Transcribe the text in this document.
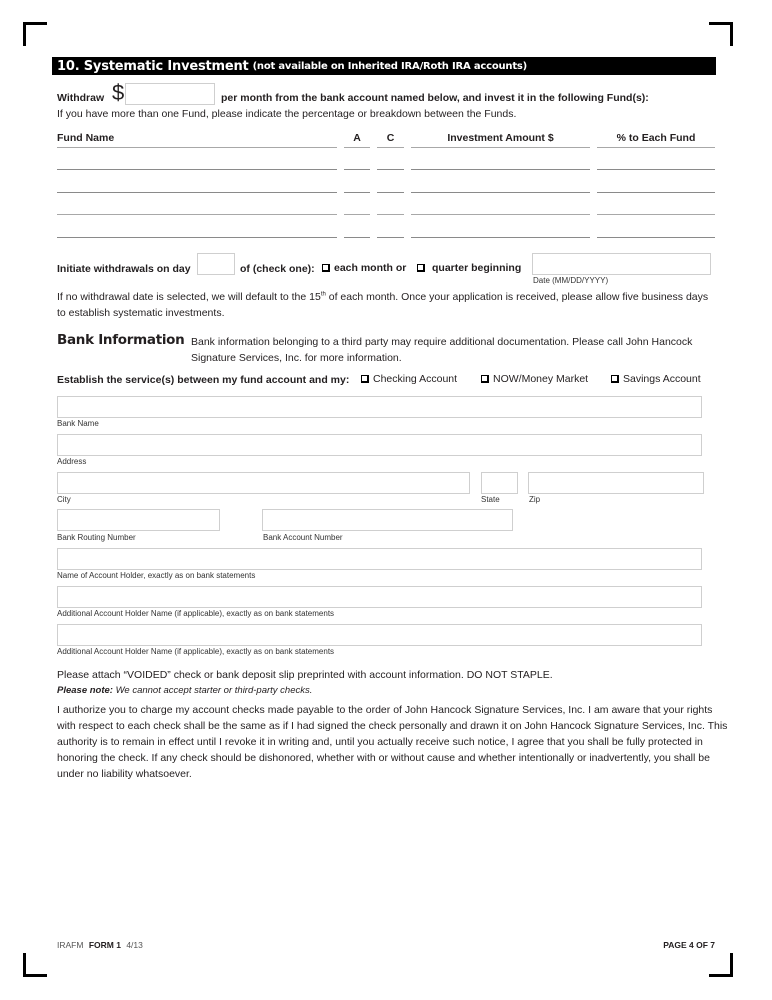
10. Systematic Investment (not available on Inherited IRA/Roth IRA accounts)
Withdraw $	per month from the bank account named below, and invest it in the following Fund(s):
If you have more than one Fund, please indicate the percentage or breakdown between the Funds.
Fund Name	A	C	Investment Amount $	% to Each Fund
Initiate withdrawals on day	of (check one):	each month or	quarter beginning
Date (MM/DD/YYYY)
If no withdrawal date is selected, we will default to the 15th of each month. Once your application is received, please allow five business days
to establish systematic investments.
Bank Information Bank information belonging to a third party may require additional documentation. Please call John Hancock
Signature Services, Inc. for more information.
Establish the service(s) between my fund account and my:	Checking Account	NOW/Money Market	Savings Account
Bank Name
Address
City	State	Zip
Bank Routing Number	Bank Account Number
Name of Account Holder, exactly as on bank statements
Additional Account Holder Name (if applicable), exactly as on bank statements
Additional Account Holder Name (if applicable), exactly as on bank statements
Please attach “VOIDED” check or bank deposit slip preprinted with account information. DO NOT STAPLE.
Please note: We cannot accept starter or third-party checks.
I authorize you to charge my account checks made payable to the order of John Hancock Signature Services, Inc. I am aware that your rights
with respect to each check shall be the same as if I had signed the check personally and drawn it on John Hancock Signature Services, Inc. This
authority is to remain in effect until I revoke it in writing and, until you actually receive such notice, I agree that you shall be fully protected in
honoring the check. If any check should be dishonored, whether with or without cause and whether intentionally or inadvertently, you shall be
under no liability whatsoever.
IRAFM FORM 1 4/13	PAGE 4 OF 7
